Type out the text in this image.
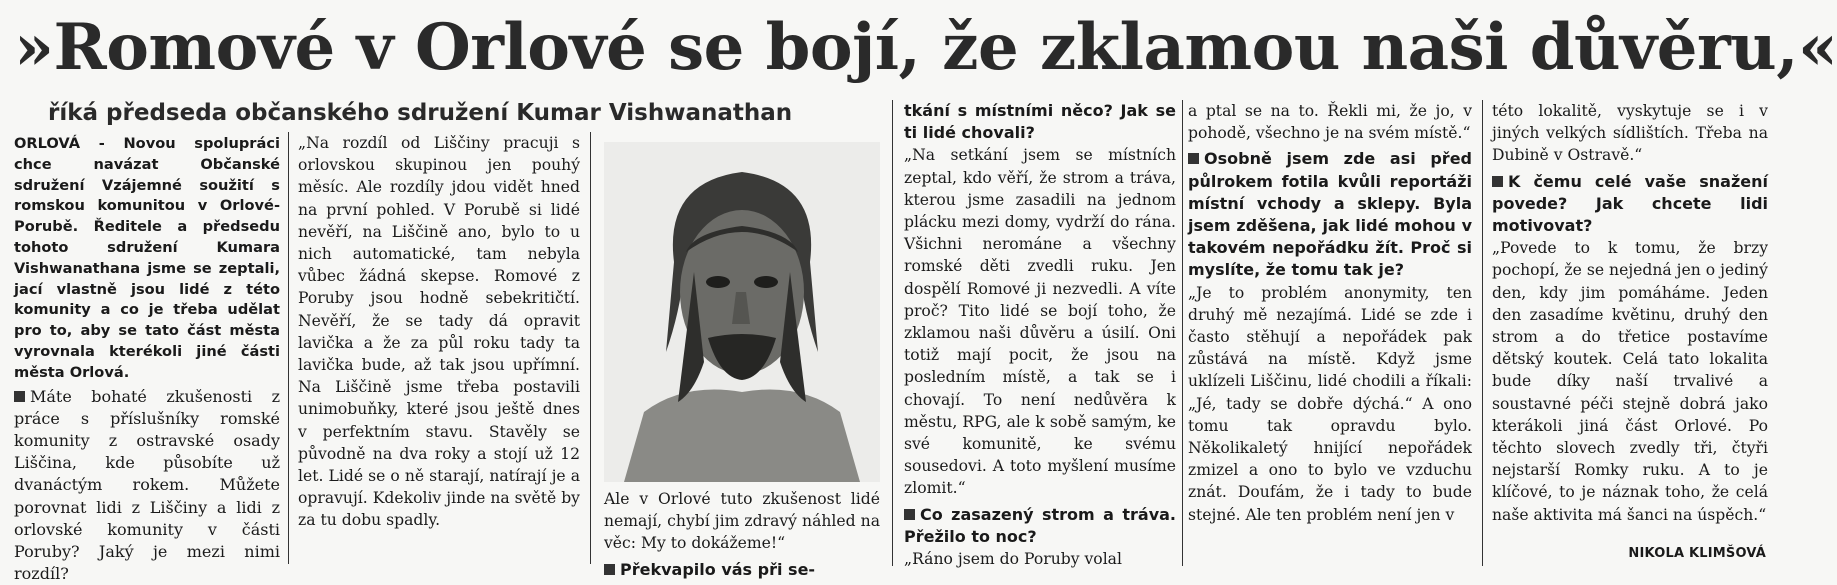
»Romové v Orlové se bojí, že zklamou naši důvěru,«
říká předseda občanského sdružení Kumar Vishwanathan

ORLOVÁ - Novou spolupráci chce navázat Občanské sdružení Vzájemné soužití s romskou komunitou v Orlové-Porubě. Ředitele a předsedu tohoto sdružení Kumara Vishwanathana jsme se zeptali, jací vlastně jsou lidé z této komunity a co je třeba udělat pro to, aby se tato část města vyrovnala kterékoli jiné části města Orlová.

Máte bohaté zkušenosti z práce s příslušníky romské komunity z ostravské osady Liščina, kde působíte už dvanáctým rokem. Můžete porovnat lidi z Liščiny a lidi z orlovské komunity v části Poruby? Jaký je mezi nimi rozdíl?

„Na rozdíl od Liščiny pracuji s orlovskou skupinou jen pouhý měsíc. Ale rozdíly jdou vidět hned na první pohled. V Porubě si lidé nevěří, na Liščině ano, bylo to u nich automatické, tam nebyla vůbec žádná skepse. Romové z Poruby jsou hodně sebekritičtí. Nevěří, že se tady dá opravit lavička a že za půl roku tady ta lavička bude, až tak jsou upřímní. Na Liščině jsme třeba postavili unimobuňky, které jsou ještě dnes v perfektním stavu. Stavěly se původně na dva roky a stojí už 12 let. Lidé se o ně starají, natírají je a opravují. Kdekoliv jinde na světě by za tu dobu spadly.

Ale v Orlové tuto zkušenost lidé nemají, chybí jim zdravý náhled na věc: My to dokážeme!“

Překvapilo vás při se-

tkání s místními něco? Jak se ti lidé chovali?

„Na setkání jsem se místních zeptal, kdo věří, že strom a tráva, kterou jsme zasadili na jednom plácku mezi domy, vydrží do rána. Všichni nerománe a všechny romské děti zvedli ruku. Jen dospělí Romové ji nezvedli. A víte proč? Tito lidé se bojí toho, že zklamou naši důvěru a úsilí. Oni totiž mají pocit, že jsou na posledním místě, a tak se i chovají. To není nedůvěra k městu, RPG, ale k sobě samým, ke své komunitě, ke svému sousedovi. A toto myšlení musíme zlomit.“

Co zasazený strom a tráva. Přežilo to noc?

„Ráno jsem do Poruby volal

a ptal se na to. Řekli mi, že jo, v pohodě, všechno je na svém místě.“

Osobně jsem zde asi před půlrokem fotila kvůli reportáži místní vchody a sklepy. Byla jsem zděšena, jak lidé mohou v takovém nepořádku žít. Proč si myslíte, že tomu tak je?

„Je to problém anonymity, ten druhý mě nezajímá. Lidé se zde i často stěhují a nepořádek pak zůstává na místě. Když jsme uklízeli Liščinu, lidé chodili a říkali: „Jé, tady se dobře dýchá.“ A ono tomu tak opravdu bylo. Několikaletý hnijící nepořádek zmizel a ono to bylo ve vzduchu znát. Doufám, že i tady to bude stejné. Ale ten problém není jen v

této lokalitě, vyskytuje se i v jiných velkých sídlištích. Třeba na Dubině v Ostravě.“

K čemu celé vaše snažení povede? Jak chcete lidi motivovat?

„Povede to k tomu, že brzy pochopí, že se nejedná jen o jediný den, kdy jim pomáháme. Jeden den zasadíme květinu, druhý den strom a do třetice postavíme dětský koutek. Celá tato lokalita bude díky naší trvalivé a soustavné péči stejně dobrá jako kterákoli jiná část Orlové. Po těchto slovech zvedly tři, čtyři nejstarší Romky ruku. A to je klíčové, to je náznak toho, že celá naše aktivita má šanci na úspěch.“

NIKOLA KLIMŠOVÁ
